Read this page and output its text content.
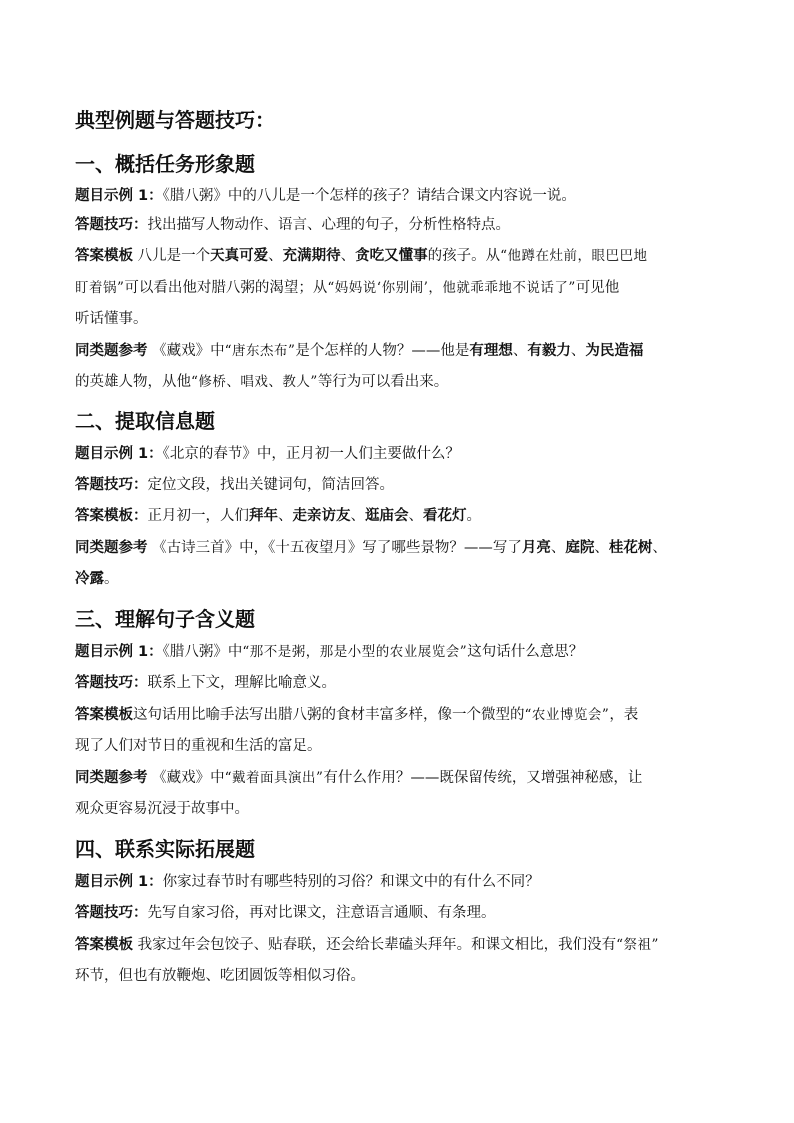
典型例题与答题技巧：
一、概括任务形象题
题目示例 1：《腊八粥》中的八儿是一个怎样的孩子？请结合课文内容说一说。
答题技巧：找出描写人物动作、语言、心理的句子，分析性格特点。
答案模板 八儿是一个天真可爱、充满期待、贪吃又懂事的孩子。从“他蹲在灶前，眼巴巴地
盯着锅”可以看出他对腊八粥的渴望；从“妈妈说‘你别闹’，他就乖乖地不说话了”可见他
听话懂事。
同类题参考 《藏戏》中“唐东杰布”是个怎样的人物？——他是有理想、有毅力、为民造福
的英雄人物，从他“修桥、唱戏、教人”等行为可以看出来。
二、提取信息题
题目示例 1：《北京的春节》中，正月初一人们主要做什么？
答题技巧：定位文段，找出关键词句，简洁回答。
答案模板：正月初一，人们拜年、走亲访友、逛庙会、看花灯。
同类题参考 《古诗三首》中，《十五夜望月》写了哪些景物？——写了月亮、庭院、桂花树、
冷露。
三、理解句子含义题
题目示例 1：《腊八粥》中“那不是粥，那是小型的农业展览会”这句话什么意思？
答题技巧：联系上下文，理解比喻意义。
答案模板这句话用比喻手法写出腊八粥的食材丰富多样，像一个微型的“农业博览会”，表
现了人们对节日的重视和生活的富足。
同类题参考 《藏戏》中“戴着面具演出”有什么作用？——既保留传统，又增强神秘感，让
观众更容易沉浸于故事中。
四、联系实际拓展题
题目示例 1：你家过春节时有哪些特别的习俗？和课文中的有什么不同？
答题技巧：先写自家习俗，再对比课文，注意语言通顺、有条理。
答案模板 我家过年会包饺子、贴春联，还会给长辈磕头拜年。和课文相比，我们没有“祭祖”
环节，但也有放鞭炮、吃团圆饭等相似习俗。
